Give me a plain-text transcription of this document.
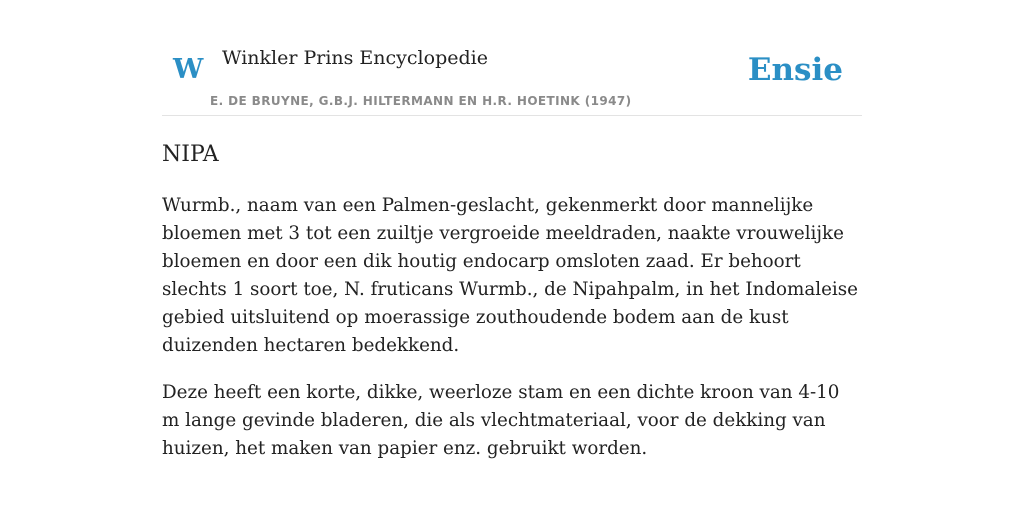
W Winkler Prins Encyclopedie
E. DE BRUYNE, G.B.J. HILTERMANN EN H.R. HOETINK (1947)
Ensie
NIPA

Wurmb., naam van een Palmen-geslacht, gekenmerkt door mannelijke bloemen met 3 tot een zuiltje vergroeide meeldraden, naakte vrouwelijke bloemen en door een dik houtig endocarp omsloten zaad. Er behoort slechts 1 soort toe, N. fruticans Wurmb., de Nipahpalm, in het Indomaleise gebied uitsluitend op moerassige zouthoudende bodem aan de kust duizenden hectaren bedekkend.

Deze heeft een korte, dikke, weerloze stam en een dichte kroon van 4-10 m lange gevinde bladeren, die als vlechtmateriaal, voor de dekking van huizen, het maken van papier enz. gebruikt worden.
